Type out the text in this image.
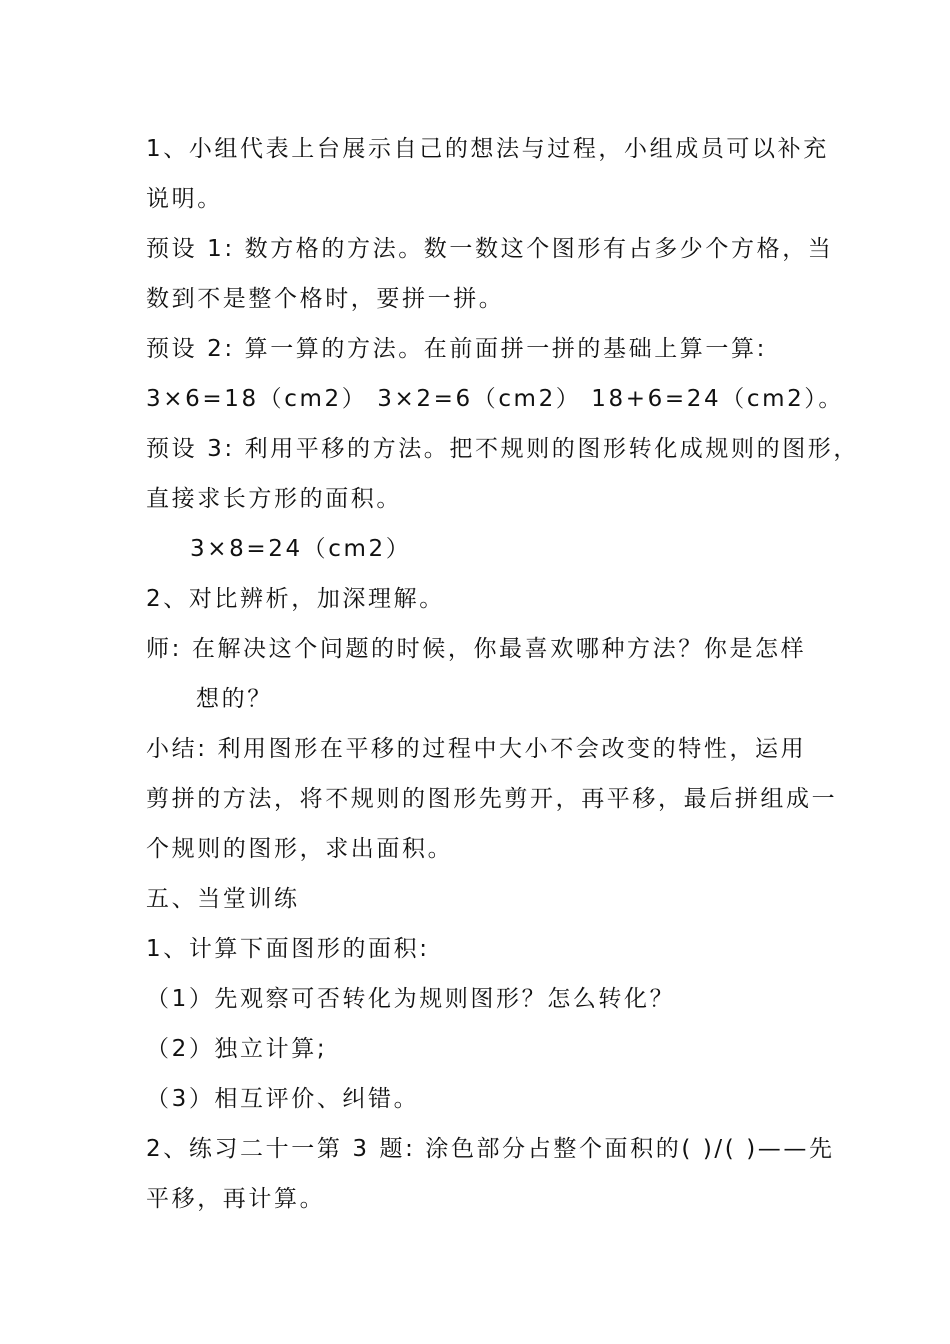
1、小组代表上台展示自己的想法与过程，小组成员可以补充
说明。
预设 1: 数方格的方法。数一数这个图形有占多少个方格，当
数到不是整个格时，要拼一拼。
预设 2: 算一算的方法。在前面拼一拼的基础上算一算:
3×6=18（cm2） 3×2=6（cm2） 18+6=24（cm2）。
预设 3: 利用平移的方法。把不规则的图形转化成规则的图形，
直接求长方形的面积。
3×8=24（cm2）
2、对比辨析，加深理解。
师: 在解决这个问题的时候，你最喜欢哪种方法？你是怎样
想的？
小结: 利用图形在平移的过程中大小不会改变的特性，运用
剪拼的方法，将不规则的图形先剪开，再平移，最后拼组成一
个规则的图形，求出面积。
五、当堂训练
1、计算下面图形的面积:
（1）先观察可否转化为规则图形？怎么转化？
（2）独立计算;
（3）相互评价、纠错。
2、练习二十一第 3 题: 涂色部分占整个面积的( )/( )——先
平移，再计算。
